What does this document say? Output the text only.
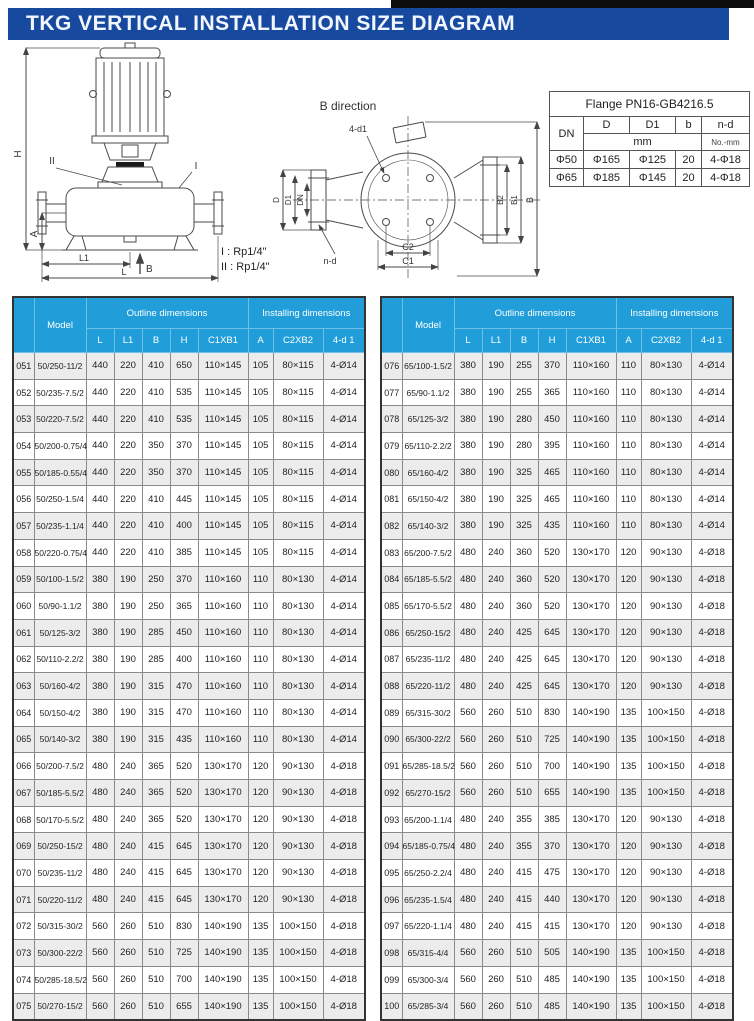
TKG VERTICAL INSTALLATION SIZE DIAGRAM
H
A
L1
L B
II	I
B direction
4-d1
n-d
D D1 DN	B2 B1 B
C2
C1
I : Rp1/4"
II : Rp1/4"
Flange PN16-GB4216.5				
DN	D	D1	b	n-d
	mm			No.-mm
Φ50	Φ165	Φ125	20	4-Φ18
Φ65	Φ185	Φ145	20	4-Φ18
	Model	Outline dimensions					Installing dimensions		
		L	L1	B	H	C1XB1	A	C2XB2	4-d 1
051	50/250-11/2	440	220	410	650	110×145	105	80×115	4-Ø14
052	50/235-7.5/2	440	220	410	535	110×145	105	80×115	4-Ø14
053	50/220-7.5/2	440	220	410	535	110×145	105	80×115	4-Ø14
054	50/200-0.75/4	440	220	350	370	110×145	105	80×115	4-Ø14
055	50/185-0.55/4	440	220	350	370	110×145	105	80×115	4-Ø14
056	50/250-1.5/4	440	220	410	445	110×145	105	80×115	4-Ø14
057	50/235-1.1/4	440	220	410	400	110×145	105	80×115	4-Ø14
058	50/220-0.75/4	440	220	410	385	110×145	105	80×115	4-Ø14
059	50/100-1.5/2	380	190	250	370	110×160	110	80×130	4-Ø14
060	50/90-1.1/2	380	190	250	365	110×160	110	80×130	4-Ø14
061	50/125-3/2	380	190	285	450	110×160	110	80×130	4-Ø14
062	50/110-2.2/2	380	190	285	400	110×160	110	80×130	4-Ø14
063	50/160-4/2	380	190	315	470	110×160	110	80×130	4-Ø14
064	50/150-4/2	380	190	315	470	110×160	110	80×130	4-Ø14
065	50/140-3/2	380	190	315	435	110×160	110	80×130	4-Ø14
066	50/200-7.5/2	480	240	365	520	130×170	120	90×130	4-Ø18
067	50/185-5.5/2	480	240	365	520	130×170	120	90×130	4-Ø18
068	50/170-5.5/2	480	240	365	520	130×170	120	90×130	4-Ø18
069	50/250-15/2	480	240	415	645	130×170	120	90×130	4-Ø18
070	50/235-11/2	480	240	415	645	130×170	120	90×130	4-Ø18
071	50/220-11/2	480	240	415	645	130×170	120	90×130	4-Ø18
072	50/315-30/2	560	260	510	830	140×190	135	100×150	4-Ø18
073	50/300-22/2	560	260	510	725	140×190	135	100×150	4-Ø18
074	50/285-18.5/2	560	260	510	700	140×190	135	100×150	4-Ø18
075	50/270-15/2	560	260	510	655	140×190	135	100×150	4-Ø18
	Model	Outline dimensions					Installing dimensions		
		L	L1	B	H	C1XB1	A	C2XB2	4-d 1
076	65/100-1.5/2	380	190	255	370	110×160	110	80×130	4-Ø14
077	65/90-1.1/2	380	190	255	365	110×160	110	80×130	4-Ø14
078	65/125-3/2	380	190	280	450	110×160	110	80×130	4-Ø14
079	65/110-2.2/2	380	190	280	395	110×160	110	80×130	4-Ø14
080	65/160-4/2	380	190	325	465	110×160	110	80×130	4-Ø14
081	65/150-4/2	380	190	325	465	110×160	110	80×130	4-Ø14
082	65/140-3/2	380	190	325	435	110×160	110	80×130	4-Ø14
083	65/200-7.5/2	480	240	360	520	130×170	120	90×130	4-Ø18
084	65/185-5.5/2	480	240	360	520	130×170	120	90×130	4-Ø18
085	65/170-5.5/2	480	240	360	520	130×170	120	90×130	4-Ø18
086	65/250-15/2	480	240	425	645	130×170	120	90×130	4-Ø18
087	65/235-11/2	480	240	425	645	130×170	120	90×130	4-Ø18
088	65/220-11/2	480	240	425	645	130×170	120	90×130	4-Ø18
089	65/315-30/2	560	260	510	830	140×190	135	100×150	4-Ø18
090	65/300-22/2	560	260	510	725	140×190	135	100×150	4-Ø18
091	65/285-18.5/2	560	260	510	700	140×190	135	100×150	4-Ø18
092	65/270-15/2	560	260	510	655	140×190	135	100×150	4-Ø18
093	65/200-1.1/4	480	240	355	385	130×170	120	90×130	4-Ø18
094	65/185-0.75/4	480	240	355	370	130×170	120	90×130	4-Ø18
095	65/250-2.2/4	480	240	415	475	130×170	120	90×130	4-Ø18
096	65/235-1.5/4	480	240	415	440	130×170	120	90×130	4-Ø18
097	65/220-1.1/4	480	240	415	415	130×170	120	90×130	4-Ø18
098	65/315-4/4	560	260	510	505	140×190	135	100×150	4-Ø18
099	65/300-3/4	560	260	510	485	140×190	135	100×150	4-Ø18
100	65/285-3/4	560	260	510	485	140×190	135	100×150	4-Ø18
